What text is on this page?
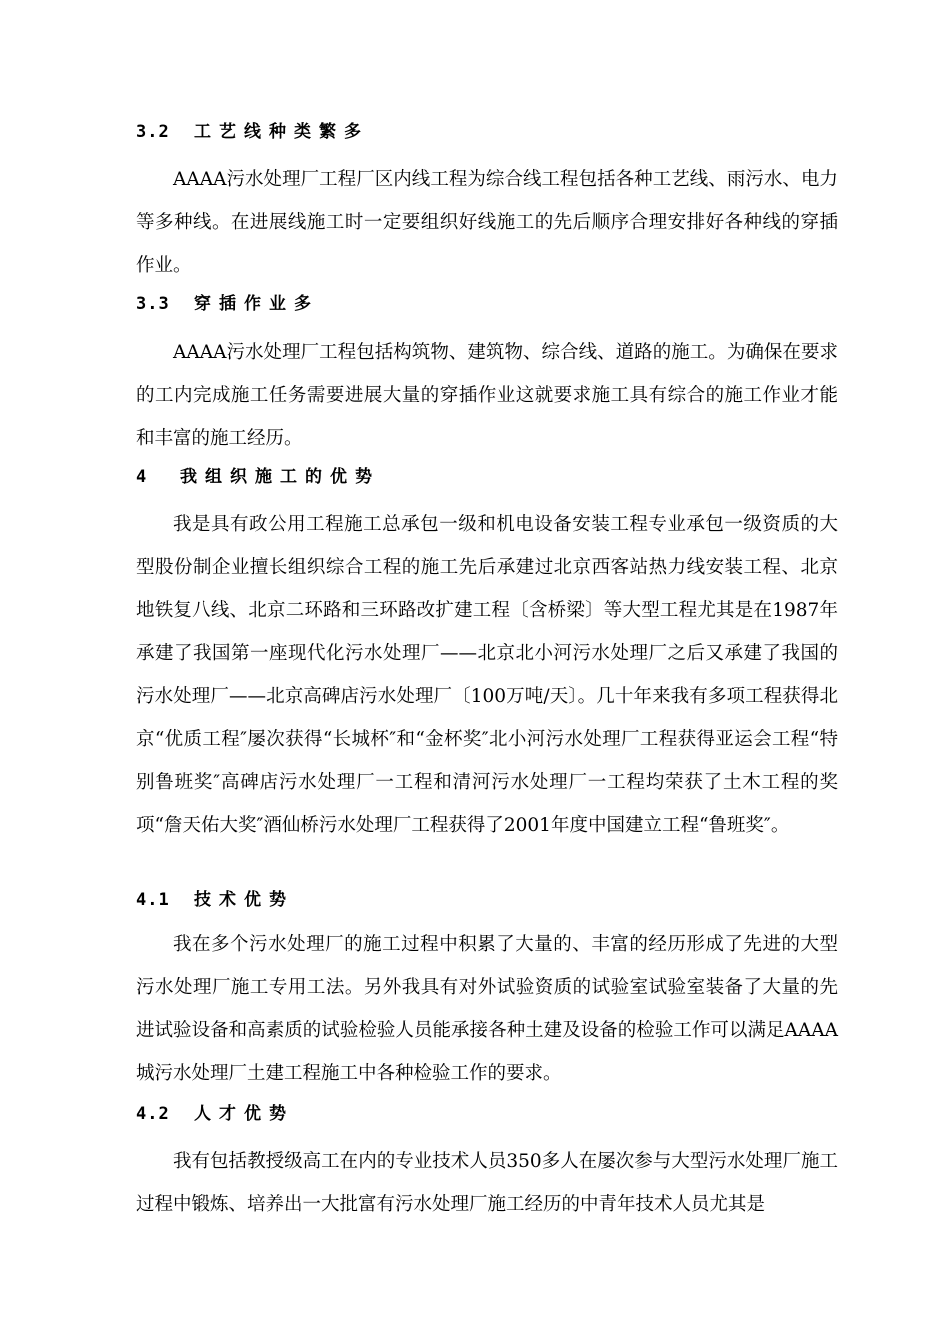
3.2 工艺线种类繁多

AAAA污水处理厂工程厂区内线工程为综合线工程包括各种工艺线、雨污水、电力等多种线。在进展线施工时一定要组织好线施工的先后顺序合理安排好各种线的穿插作业。

3.3 穿插作业多

AAAA污水处理厂工程包括构筑物、建筑物、综合线、道路的施工。为确保在要求的工内完成施工任务需要进展大量的穿插作业这就要求施工具有综合的施工作业才能和丰富的施工经历。

4 我组织施工的优势

我是具有政公用工程施工总承包一级和机电设备安装工程专业承包一级资质的大型股份制企业擅长组织综合工程的施工先后承建过北京西客站热力线安装工程、北京地铁复八线、北京二环路和三环路改扩建工程〔含桥梁〕等大型工程尤其是在1987年承建了我国第一座现代化污水处理厂——北京北小河污水处理厂之后又承建了我国的污水处理厂——北京高碑店污水处理厂〔100万吨/天〕。几十年来我有多项工程获得北京“优质工程″屡次获得“长城杯″和“金杯奖″北小河污水处理厂工程获得亚运会工程“特别鲁班奖″高碑店污水处理厂一工程和清河污水处理厂一工程均荣获了土木工程的奖项“詹天佑大奖″酒仙桥污水处理厂工程获得了2001年度中国建立工程“鲁班奖″。

4.1 技术优势

我在多个污水处理厂的施工过程中积累了大量的、丰富的经历形成了先进的大型污水处理厂施工专用工法。另外我具有对外试验资质的试验室试验室装备了大量的先进试验设备和高素质的试验检验人员能承接各种土建及设备的检验工作可以满足AAAA城污水处理厂土建工程施工中各种检验工作的要求。

4.2 人才优势

我有包括教授级高工在内的专业技术人员350多人在屡次参与大型污水处理厂施工过程中锻炼、培养出一大批富有污水处理厂施工经历的中青年技术人员尤其是
